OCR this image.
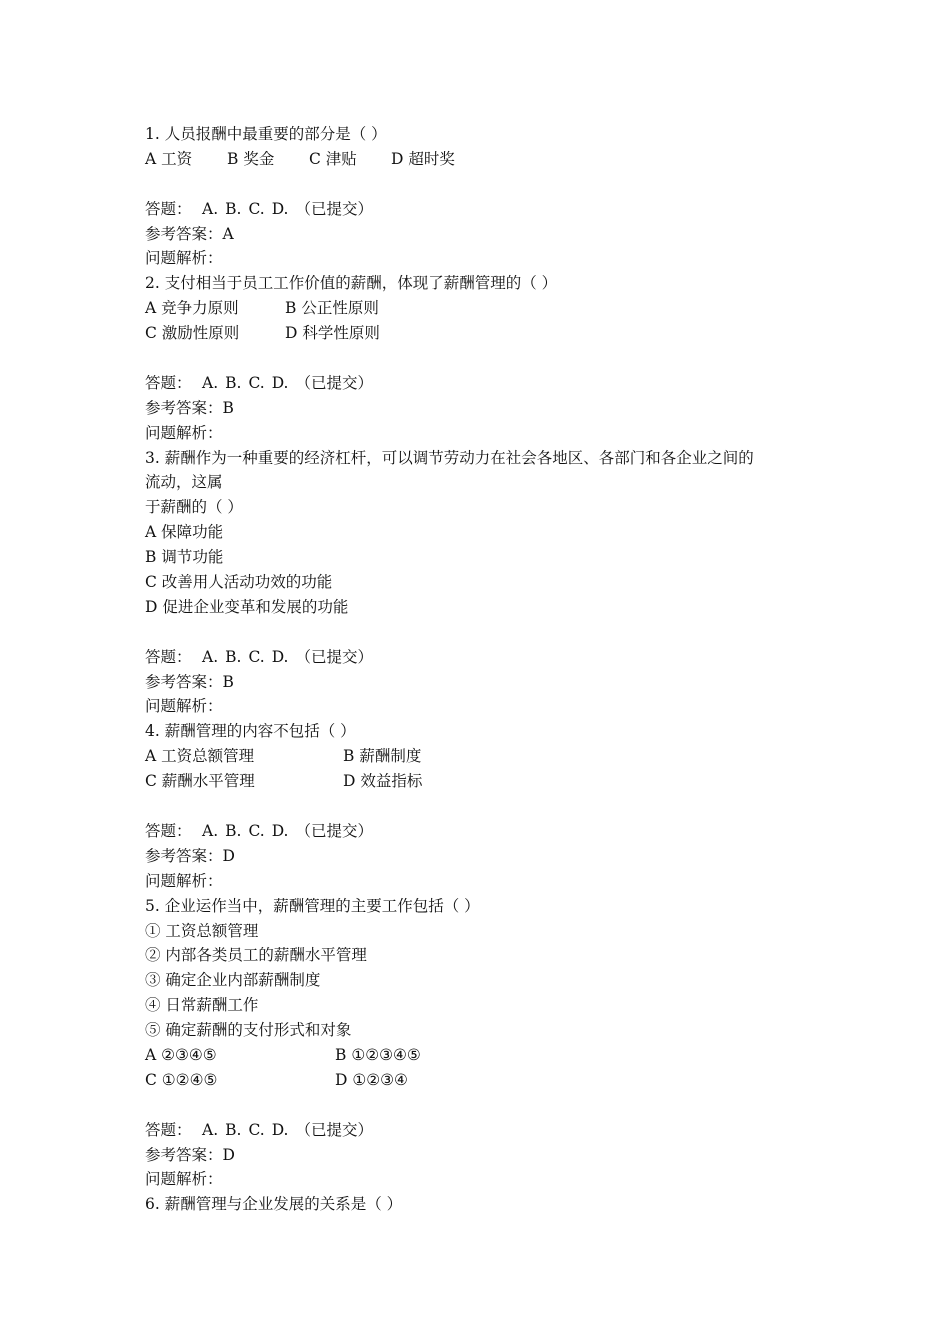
1. 人员报酬中最重要的部分是（ ）
A 工资 B 奖金 C 津贴 D 超时奖
答题： A. B. C. D. （已提交）
参考答案：A
问题解析：
2. 支付相当于员工工作价值的薪酬，体现了薪酬管理的（ ）
A 竞争力原则	B 公正性原则
C 激励性原则	D 科学性原则
答题： A. B. C. D. （已提交）
参考答案：B
问题解析：
3. 薪酬作为一种重要的经济杠杆，可以调节劳动力在社会各地区、各部门和各企业之间的
流动，这属
于薪酬的（ ）
A 保障功能
B 调节功能
C 改善用人活动功效的功能
D 促进企业变革和发展的功能
答题： A. B. C. D. （已提交）
参考答案：B
问题解析：
4. 薪酬管理的内容不包括（ ）
A 工资总额管理	B 薪酬制度
C 薪酬水平管理	D 效益指标
答题： A. B. C. D. （已提交）
参考答案：D
问题解析：
5. 企业运作当中，薪酬管理的主要工作包括（ ）
① 工资总额管理
② 内部各类员工的薪酬水平管理
③ 确定企业内部薪酬制度
④ 日常薪酬工作
⑤ 确定薪酬的支付形式和对象
A ②③④⑤	B ①②③④⑤
C ①②④⑤	D ①②③④
答题： A. B. C. D. （已提交）
参考答案：D
问题解析：
6. 薪酬管理与企业发展的关系是（ ）
